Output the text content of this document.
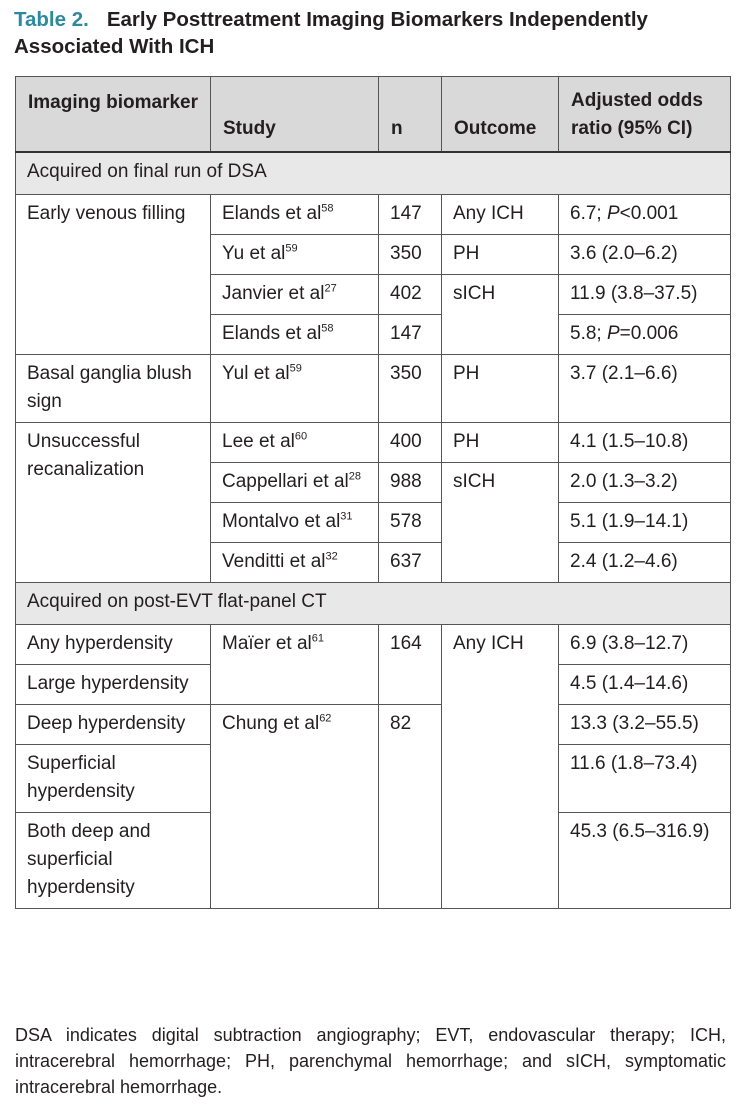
Table 2. Early Posttreatment Imaging Biomarkers Independently Associated With ICH
Imaging biomarker	Study	n	Outcome	Adjusted odds ratio (95% CI)
Acquired on final run of DSA				
Early venous filling	Elands et $al^{58}$	147	Any ICH	6.7; P<0.001
	Yu et $al^{59}$	350	PH	3.6 (2.0–6.2)
	Janvier et $al^{27}$	402	sICH	11.9 (3.8–37.5)
	Elands et $al^{58}$	147		5.8; P=0.006
Basal ganglia blush sign	Yul et $al^{59}$	350	PH	3.7 (2.1–6.6)
Unsuccessful recanalization	Lee et $al^{60}$	400	PH	4.1 (1.5–10.8)
	Cappellari et $al^{28}$	988	sICH	2.0 (1.3–3.2)
	Montalvo et $al^{31}$	578		5.1 (1.9–14.1)
	Venditti et $al^{32}$	637		2.4 (1.2–4.6)
Acquired on post-EVT flat-panel CT				
Any hyperdensity	Maïer et $al^{61}$	164	Any ICH	6.9 (3.8–12.7)
Large hyperdensity				4.5 (1.4–14.6)
Deep hyperdensity	Chung et $al^{62}$	82		13.3 (3.2–55.5)
Superficial hyperdensity				11.6 (1.8–73.4)
Both deep and superficial hyperdensity				45.3 (6.5–316.9)
DSA indicates digital subtraction angiography; EVT, endovascular therapy; ICH, intracerebral hemorrhage; PH, parenchymal hemorrhage; and sICH, symptomatic intracerebral hemorrhage.
